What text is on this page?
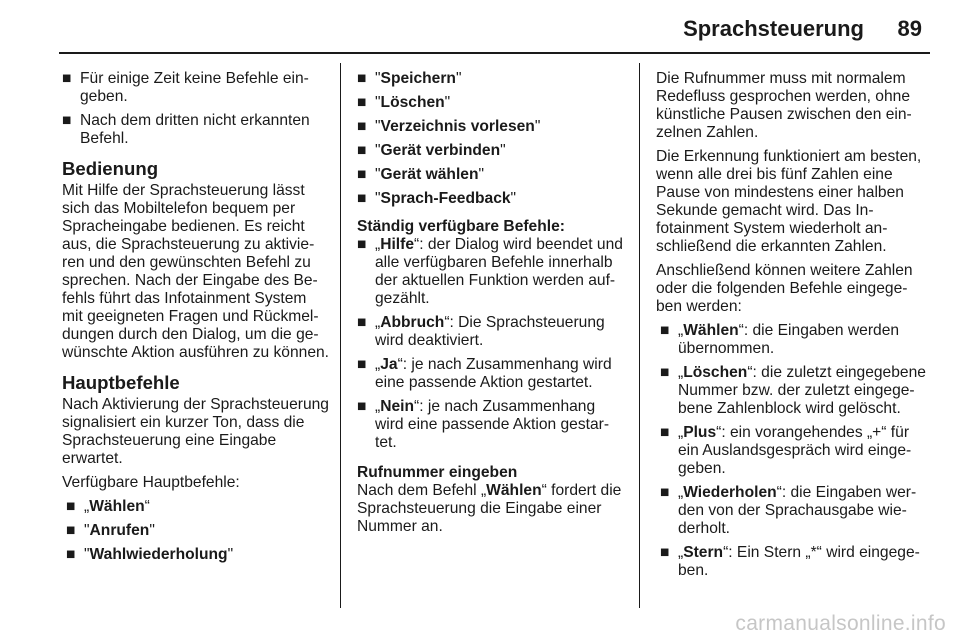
Sprachsteuerung 89
■ Für einige Zeit keine Befehle eingeben.
■ Nach dem dritten nicht erkannten Befehl.
Bedienung
Mit Hilfe der Sprachsteuerung lässt sich das Mobiltelefon bequem per Spracheingabe bedienen. Es reicht aus, die Sprachsteuerung zu aktivieren und den gewünschten Befehl zu sprechen. Nach der Eingabe des Befehls führt das Infotainment System mit geeigneten Fragen und Rückmeldungen durch den Dialog, um die gewünschte Aktion ausführen zu können.
Hauptbefehle
Nach Aktivierung der Sprachsteuerung signalisiert ein kurzer Ton, dass die Sprachsteuerung eine Eingabe erwartet.
Verfügbare Hauptbefehle:
■ „Wählen“
■ "Anrufen"
■ "Wahlwiederholung"
■ "Speichern"
■ "Löschen"
■ "Verzeichnis vorlesen"
■ "Gerät verbinden"
■ "Gerät wählen"
■ "Sprach-Feedback"
Ständig verfügbare Befehle:
■ „Hilfe“: der Dialog wird beendet und alle verfügbaren Befehle innerhalb der aktuellen Funktion werden aufgezählt.
■ „Abbruch“: Die Sprachsteuerung wird deaktiviert.
■ „Ja“: je nach Zusammenhang wird eine passende Aktion gestartet.
■ „Nein“: je nach Zusammenhang wird eine passende Aktion gestartet.
Rufnummer eingeben
Nach dem Befehl „Wählen“ fordert die Sprachsteuerung die Eingabe einer Nummer an.
Die Rufnummer muss mit normalem Redefluss gesprochen werden, ohne künstliche Pausen zwischen den einzelnen Zahlen.
Die Erkennung funktioniert am besten, wenn alle drei bis fünf Zahlen eine Pause von mindestens einer halben Sekunde gemacht wird. Das Infotainment System wiederholt anschließend die erkannten Zahlen.
Anschließend können weitere Zahlen oder die folgenden Befehle eingegeben werden:
■ „Wählen“: die Eingaben werden übernommen.
■ „Löschen“: die zuletzt eingegebene Nummer bzw. der zuletzt eingegebene Zahlenblock wird gelöscht.
■ „Plus“: ein vorangehendes „+“ für ein Auslandsgespräch wird eingegeben.
■ „Wiederholen“: die Eingaben werden von der Sprachausgabe wiederholt.
■ „Stern“: Ein Stern „*“ wird eingegeben.
carmanualsonline.info
